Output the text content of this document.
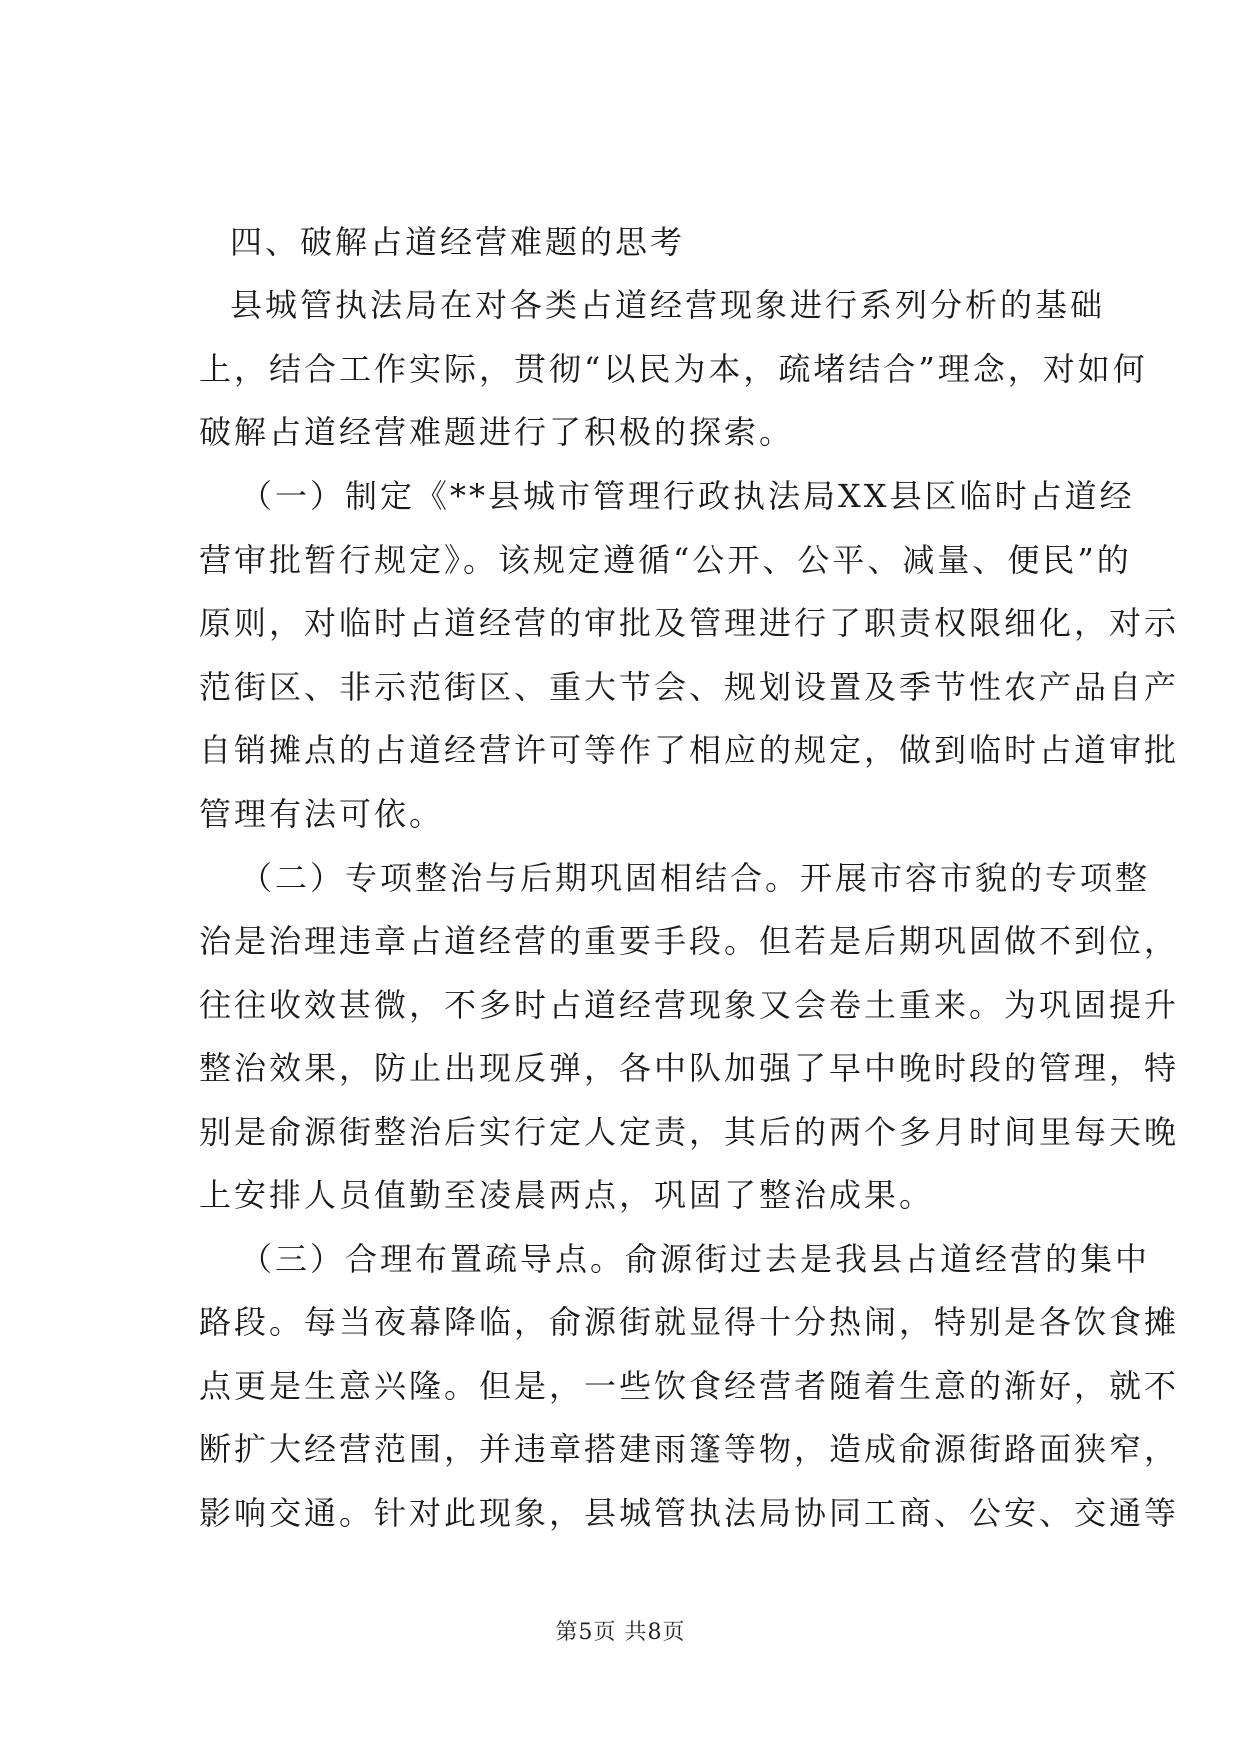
四、破解占道经营难题的思考
县城管执法局在对各类占道经营现象进行系列分析的基础
上，结合工作实际，贯彻“以民为本，疏堵结合”理念，对如何
破解占道经营难题进行了积极的探索。
（一）制定《**县城市管理行政执法局XX县区临时占道经
营审批暂行规定》。该规定遵循“公开、公平、减量、便民”的
原则，对临时占道经营的审批及管理进行了职责权限细化，对示
范街区、非示范街区、重大节会、规划设置及季节性农产品自产
自销摊点的占道经营许可等作了相应的规定，做到临时占道审批
管理有法可依。
（二）专项整治与后期巩固相结合。开展市容市貌的专项整
治是治理违章占道经营的重要手段。但若是后期巩固做不到位，
往往收效甚微，不多时占道经营现象又会卷土重来。为巩固提升
整治效果，防止出现反弹，各中队加强了早中晚时段的管理，特
别是俞源街整治后实行定人定责，其后的两个多月时间里每天晚
上安排人员值勤至凌晨两点，巩固了整治成果。
（三）合理布置疏导点。俞源街过去是我县占道经营的集中
路段。每当夜幕降临，俞源街就显得十分热闹，特别是各饮食摊
点更是生意兴隆。但是，一些饮食经营者随着生意的渐好，就不
断扩大经营范围，并违章搭建雨篷等物，造成俞源街路面狭窄，
影响交通。针对此现象，县城管执法局协同工商、公安、交通等
第5页 共8页
